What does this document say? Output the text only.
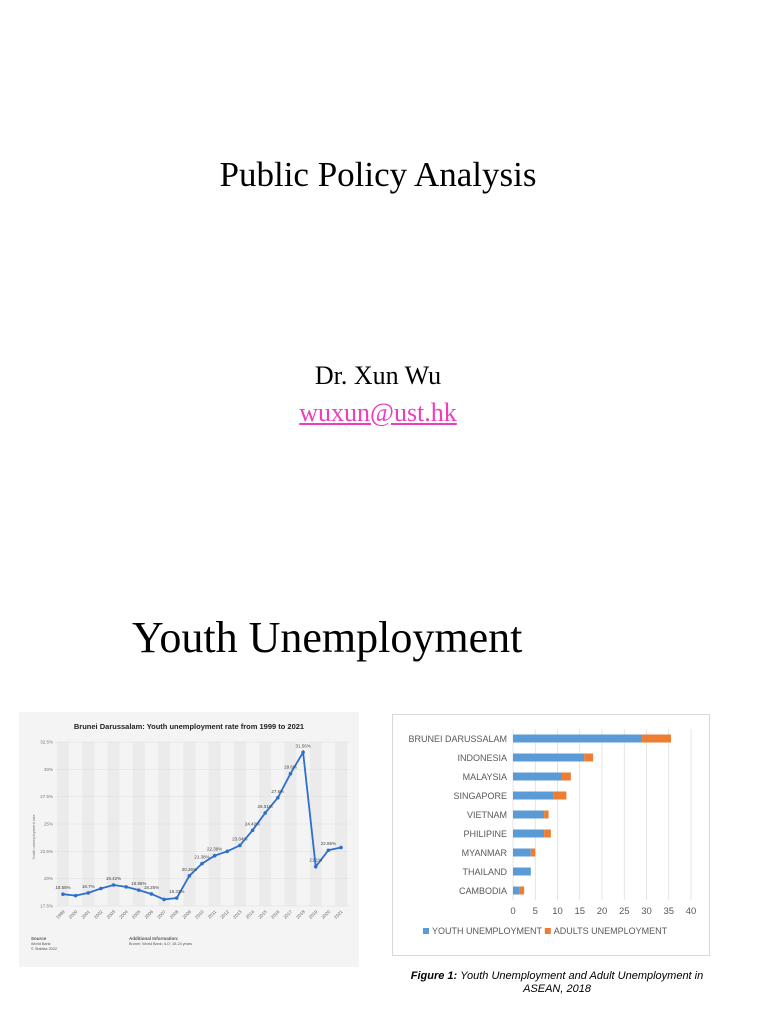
Public Policy Analysis
Dr. Xun Wu
wuxun@ust.hk
Youth Unemployment
Brunei Darussalam: Youth unemployment rate from 1999 to 2021
Youth unemployment rate
17.5%
20%
22.5%
25%
27.5%
30%
32.5%
1999 2000 2001 2002 2003 2004 2005 2006 2007 2008 2009 2010 2011 2012 2013 2014 2015 2016 2017 2018 2019 2020 2021
18.58%	18.7%
19.42%
18.95%
18.25%
18.33%
20.26%
21.38%
22.39%
23.04%
24.42%
26.01%
27.6%
29.6%
31.56%
21.1%
22.85%
Source
World Bank
© Statista 2022
Additional Information:
Brunei; World Bank; ILO; 15-24 years
BRUNEI DARUSSALAM
INDONESIA
MALAYSIA
SINGAPORE
VIETNAM
PHILIPINE
MYANMAR
THAILAND
CAMBODIA
0 5 10 15 20 25 30 35 40
YOUTH UNEMPLOYMENT ADULTS UNEMPLOYMENT
Figure 1: Youth Unemployment and Adult Unemployment in ASEAN, 2018
